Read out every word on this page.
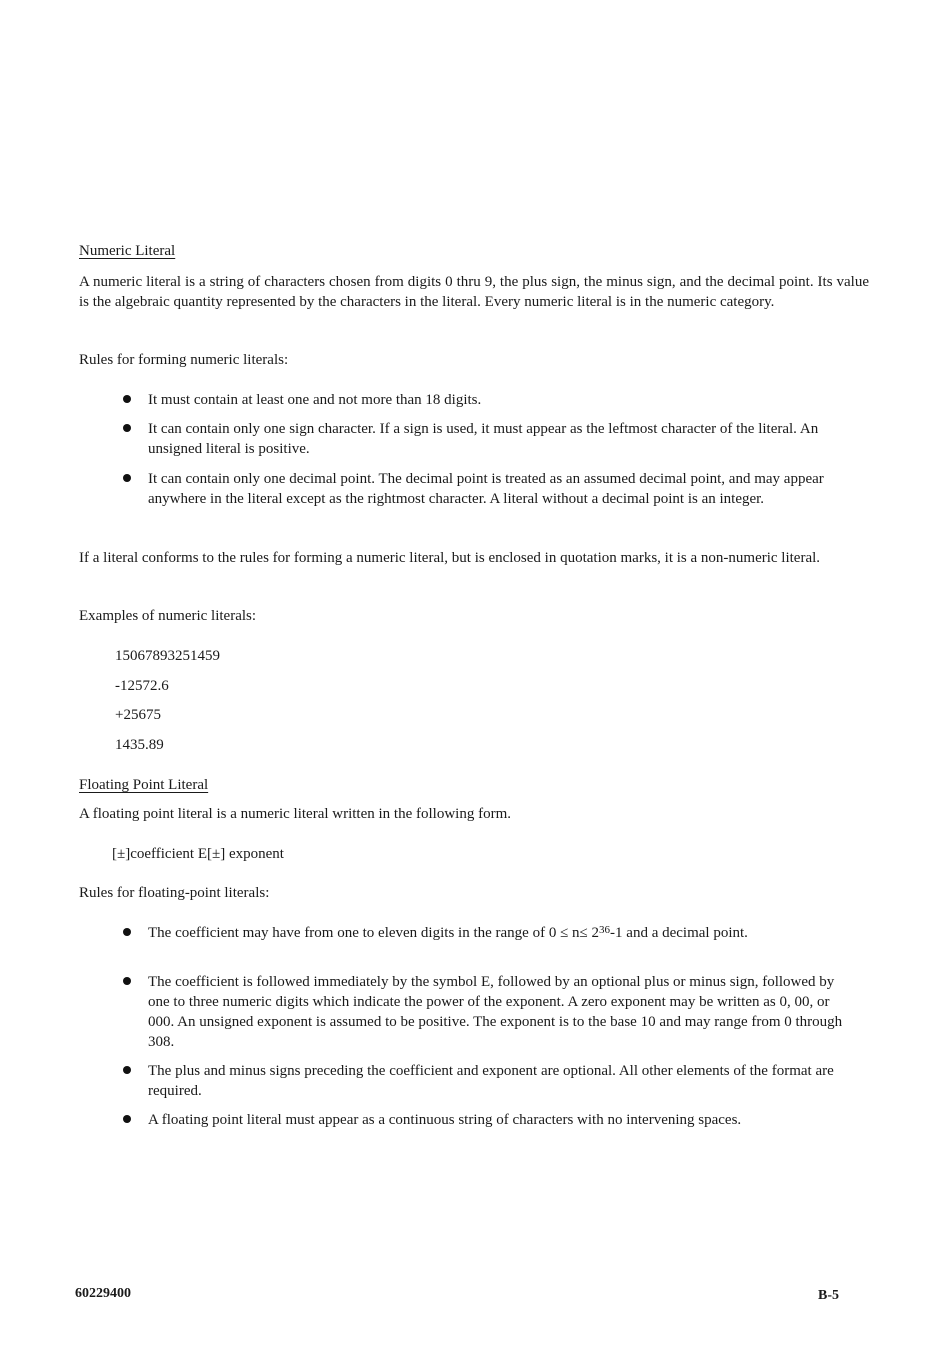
Numeric Literal
A numeric literal is a string of characters chosen from digits 0 thru 9, the plus sign, the minus sign, and the decimal point. Its value is the algebraic quantity represented by the characters in the literal. Every numeric literal is in the numeric category.
Rules for forming numeric literals:
It must contain at least one and not more than 18 digits.
It can contain only one sign character. If a sign is used, it must appear as the leftmost character of the literal. An unsigned literal is positive.
It can contain only one decimal point. The decimal point is treated as an assumed decimal point, and may appear anywhere in the literal except as the rightmost character. A literal without a decimal point is an integer.
If a literal conforms to the rules for forming a numeric literal, but is enclosed in quotation marks, it is a non-numeric literal.
Examples of numeric literals:
15067893251459
-12572.6
+25675
1435.89
Floating Point Literal
A floating point literal is a numeric literal written in the following form.
[±]coefficient E[±] exponent
Rules for floating-point literals:
The coefficient may have from one to eleven digits in the range of $0 \le n\le 2^{36}-1$ and a decimal point.
The coefficient is followed immediately by the symbol E, followed by an optional plus or minus sign, followed by one to three numeric digits which indicate the power of the exponent. A zero exponent may be written as 0, 00, or 000. An unsigned exponent is assumed to be positive. The exponent is to the base 10 and may range from 0 through 308.
The plus and minus signs preceding the coefficient and exponent are optional. All other elements of the format are required.
A floating point literal must appear as a continuous string of characters with no intervening spaces.
60229400	B-5
